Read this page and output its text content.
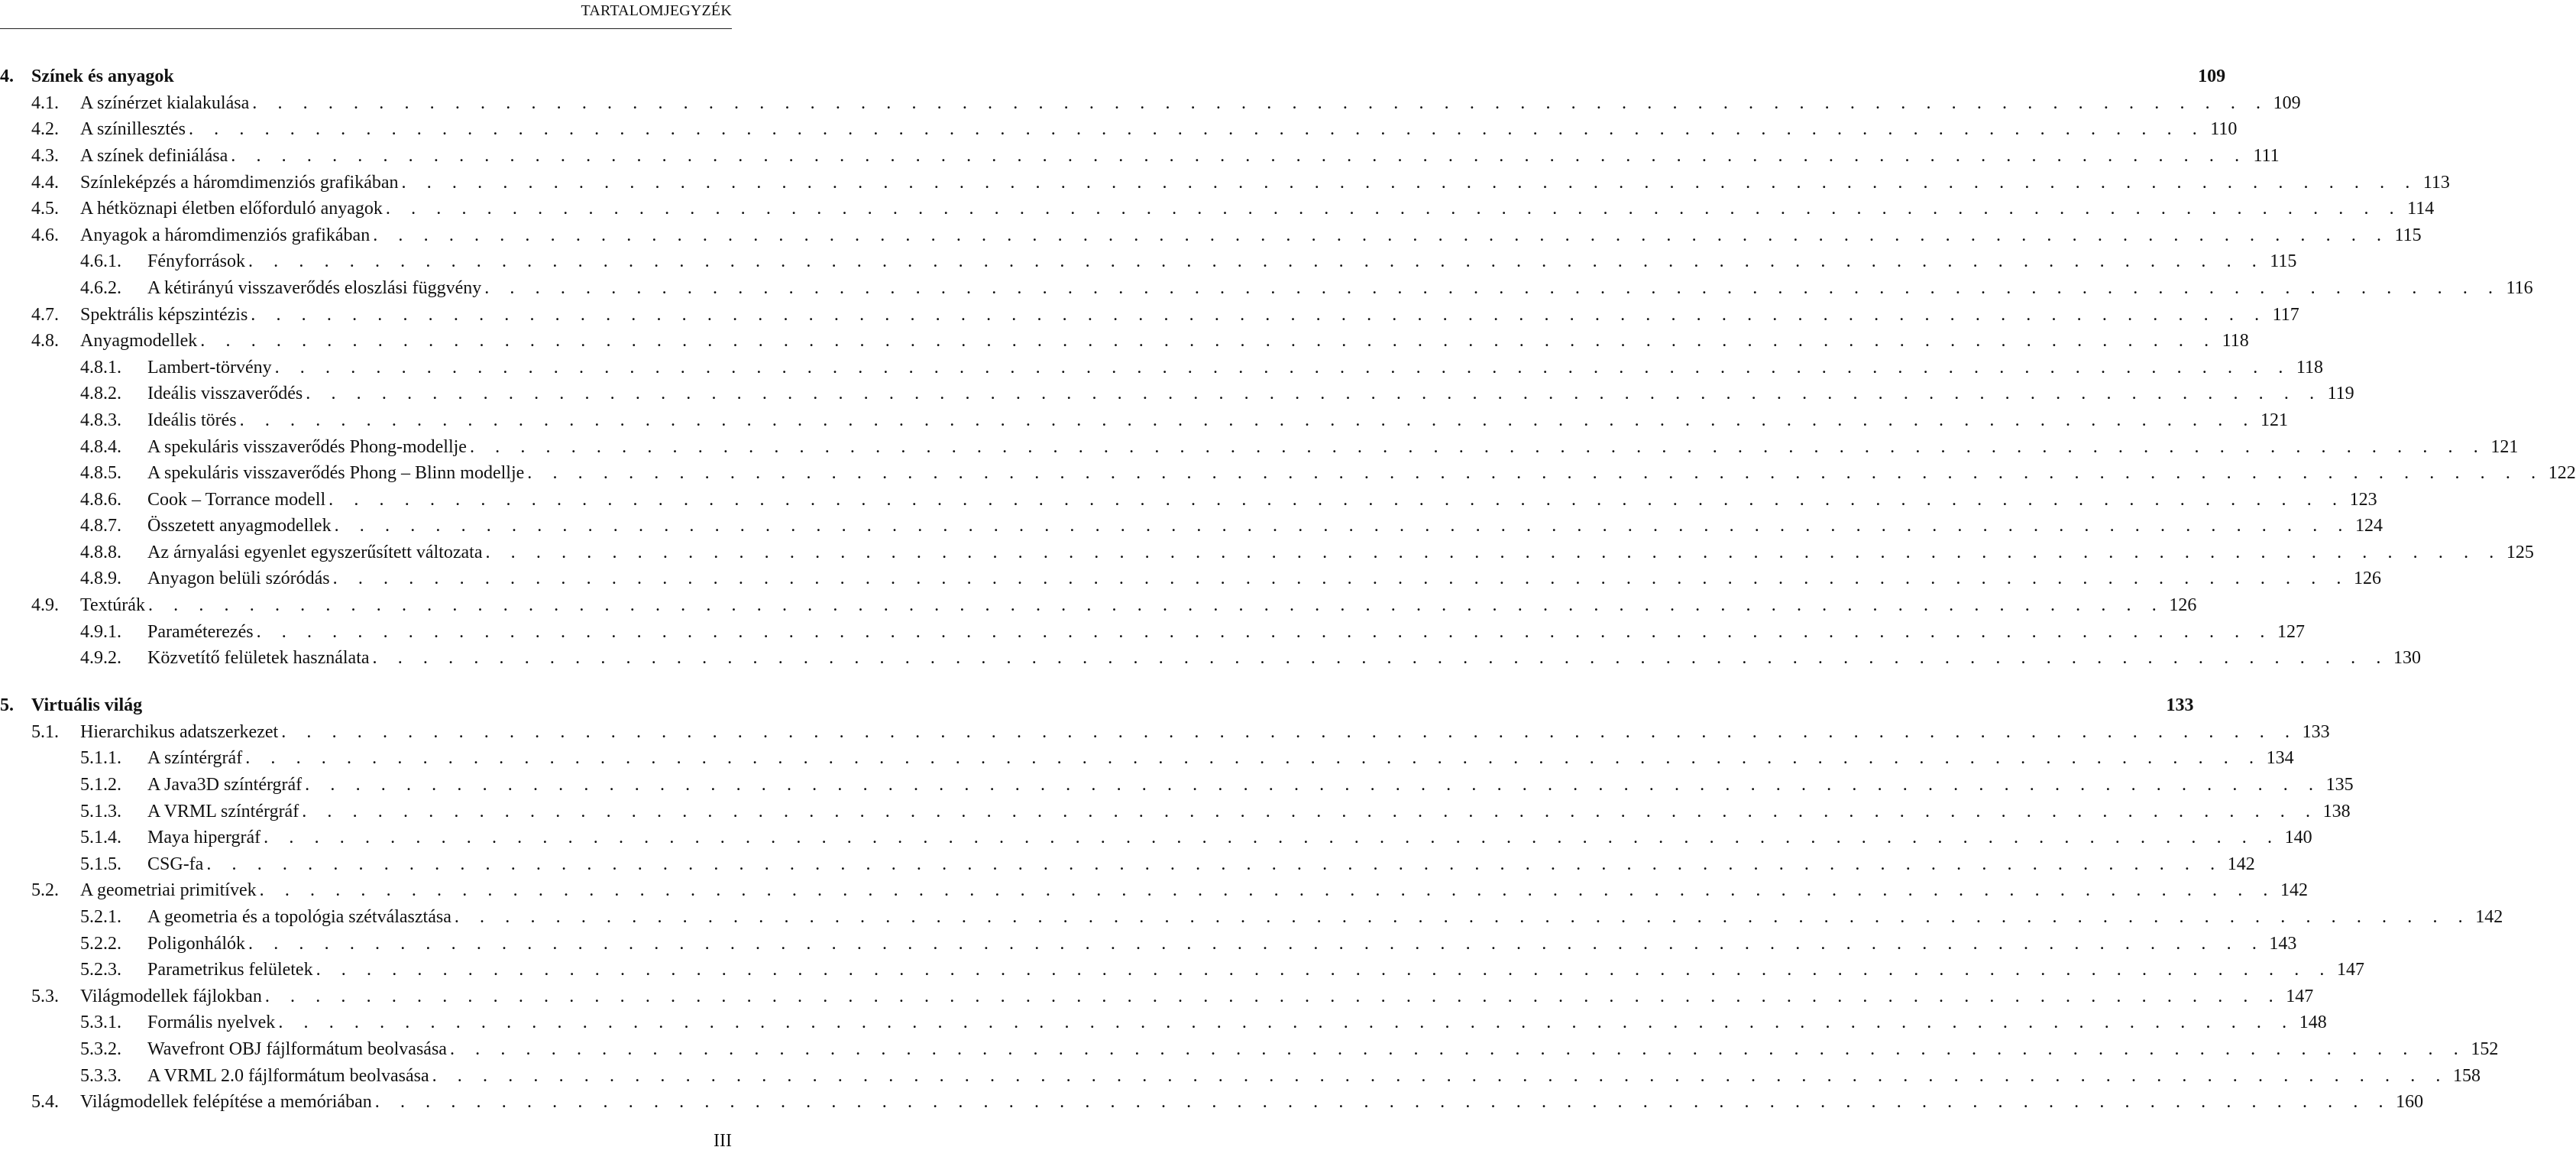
TARTALOMJEGYZÉK
4. Színek és anyagok	109
4.1.	A színérzet kialakulása . . . . . . . . . . . . . . . . . . . . . . . . . . . . . . . . . . . . . . . . . . . . . . . . . . . . . . . . . . . . . . . . . . . . . . . . . . . . . . . . 109
4.2.	A színillesztés . . . . . . . . . . . . . . . . . . . . . . . . . . . . . . . . . . . . . . . . . . . . . . . . . . . . . . . . . . . . . . . . . . . . . . . . . . . . . . . . 110
4.3.	A színek definiálása . . . . . . . . . . . . . . . . . . . . . . . . . . . . . . . . . . . . . . . . . . . . . . . . . . . . . . . . . . . . . . . . . . . . . . . . . . . . . . . . 111
4.4.	Színleképzés a háromdimenziós grafikában . . . . . . . . . . . . . . . . . . . . . . . . . . . . . . . . . . . . . . . . . . . . . . . . . . . . . . . . . . . . . . . . . . . . . . . . . . . . . . . . 113
4.5.	A hétköznapi életben előforduló anyagok . . . . . . . . . . . . . . . . . . . . . . . . . . . . . . . . . . . . . . . . . . . . . . . . . . . . . . . . . . . . . . . . . . . . . . . . . . . . . . . . 114
4.6.	Anyagok a háromdimenziós grafikában . . . . . . . . . . . . . . . . . . . . . . . . . . . . . . . . . . . . . . . . . . . . . . . . . . . . . . . . . . . . . . . . . . . . . . . . . . . . . . . . 115
4.6.1.	Fényforrások . . . . . . . . . . . . . . . . . . . . . . . . . . . . . . . . . . . . . . . . . . . . . . . . . . . . . . . . . . . . . . . . . . . . . . . . . . . . . . . . 115
4.6.2.	A kétirányú visszaverődés eloszlási függvény . . . . . . . . . . . . . . . . . . . . . . . . . . . . . . . . . . . . . . . . . . . . . . . . . . . . . . . . . . . . . . . . . . . . . . . . . . . . . . . . 116
4.7.	Spektrális képszintézis . . . . . . . . . . . . . . . . . . . . . . . . . . . . . . . . . . . . . . . . . . . . . . . . . . . . . . . . . . . . . . . . . . . . . . . . . . . . . . . . 117
4.8.	Anyagmodellek . . . . . . . . . . . . . . . . . . . . . . . . . . . . . . . . . . . . . . . . . . . . . . . . . . . . . . . . . . . . . . . . . . . . . . . . . . . . . . . . 118
4.8.1.	Lambert-törvény . . . . . . . . . . . . . . . . . . . . . . . . . . . . . . . . . . . . . . . . . . . . . . . . . . . . . . . . . . . . . . . . . . . . . . . . . . . . . . . . 118
4.8.2.	Ideális visszaverődés . . . . . . . . . . . . . . . . . . . . . . . . . . . . . . . . . . . . . . . . . . . . . . . . . . . . . . . . . . . . . . . . . . . . . . . . . . . . . . . . 119
4.8.3.	Ideális törés . . . . . . . . . . . . . . . . . . . . . . . . . . . . . . . . . . . . . . . . . . . . . . . . . . . . . . . . . . . . . . . . . . . . . . . . . . . . . . . . 121
4.8.4.	A spekuláris visszaverődés Phong-modellje . . . . . . . . . . . . . . . . . . . . . . . . . . . . . . . . . . . . . . . . . . . . . . . . . . . . . . . . . . . . . . . . . . . . . . . . . . . . . . . . 121
4.8.5.	A spekuláris visszaverődés Phong – Blinn modellje . . . . . . . . . . . . . . . . . . . . . . . . . . . . . . . . . . . . . . . . . . . . . . . . . . . . . . . . . . . . . . . . . . . . . . . . . . . . . . . . 122
4.8.6.	Cook – Torrance modell . . . . . . . . . . . . . . . . . . . . . . . . . . . . . . . . . . . . . . . . . . . . . . . . . . . . . . . . . . . . . . . . . . . . . . . . . . . . . . . . 123
4.8.7.	Összetett anyagmodellek . . . . . . . . . . . . . . . . . . . . . . . . . . . . . . . . . . . . . . . . . . . . . . . . . . . . . . . . . . . . . . . . . . . . . . . . . . . . . . . . 124
4.8.8.	Az árnyalási egyenlet egyszerűsített változata . . . . . . . . . . . . . . . . . . . . . . . . . . . . . . . . . . . . . . . . . . . . . . . . . . . . . . . . . . . . . . . . . . . . . . . . . . . . . . . . 125
4.8.9.	Anyagon belüli szóródás . . . . . . . . . . . . . . . . . . . . . . . . . . . . . . . . . . . . . . . . . . . . . . . . . . . . . . . . . . . . . . . . . . . . . . . . . . . . . . . . 126
4.9.	Textúrák . . . . . . . . . . . . . . . . . . . . . . . . . . . . . . . . . . . . . . . . . . . . . . . . . . . . . . . . . . . . . . . . . . . . . . . . . . . . . . . . 126
4.9.1.	Paraméterezés . . . . . . . . . . . . . . . . . . . . . . . . . . . . . . . . . . . . . . . . . . . . . . . . . . . . . . . . . . . . . . . . . . . . . . . . . . . . . . . . 127
4.9.2.	Közvetítő felületek használata . . . . . . . . . . . . . . . . . . . . . . . . . . . . . . . . . . . . . . . . . . . . . . . . . . . . . . . . . . . . . . . . . . . . . . . . . . . . . . . . 130
5. Virtuális világ	133
5.1.	Hierarchikus adatszerkezet . . . . . . . . . . . . . . . . . . . . . . . . . . . . . . . . . . . . . . . . . . . . . . . . . . . . . . . . . . . . . . . . . . . . . . . . . . . . . . . . 133
5.1.1.	A színtérgráf . . . . . . . . . . . . . . . . . . . . . . . . . . . . . . . . . . . . . . . . . . . . . . . . . . . . . . . . . . . . . . . . . . . . . . . . . . . . . . . . 134
5.1.2.	A Java3D színtérgráf . . . . . . . . . . . . . . . . . . . . . . . . . . . . . . . . . . . . . . . . . . . . . . . . . . . . . . . . . . . . . . . . . . . . . . . . . . . . . . . . 135
5.1.3.	A VRML színtérgráf . . . . . . . . . . . . . . . . . . . . . . . . . . . . . . . . . . . . . . . . . . . . . . . . . . . . . . . . . . . . . . . . . . . . . . . . . . . . . . . . 138
5.1.4.	Maya hipergráf . . . . . . . . . . . . . . . . . . . . . . . . . . . . . . . . . . . . . . . . . . . . . . . . . . . . . . . . . . . . . . . . . . . . . . . . . . . . . . . . 140
5.1.5.	CSG-fa . . . . . . . . . . . . . . . . . . . . . . . . . . . . . . . . . . . . . . . . . . . . . . . . . . . . . . . . . . . . . . . . . . . . . . . . . . . . . . . . 142
5.2.	A geometriai primitívek . . . . . . . . . . . . . . . . . . . . . . . . . . . . . . . . . . . . . . . . . . . . . . . . . . . . . . . . . . . . . . . . . . . . . . . . . . . . . . . . 142
5.2.1.	A geometria és a topológia szétválasztása . . . . . . . . . . . . . . . . . . . . . . . . . . . . . . . . . . . . . . . . . . . . . . . . . . . . . . . . . . . . . . . . . . . . . . . . . . . . . . . . 142
5.2.2.	Poligonhálók . . . . . . . . . . . . . . . . . . . . . . . . . . . . . . . . . . . . . . . . . . . . . . . . . . . . . . . . . . . . . . . . . . . . . . . . . . . . . . . . 143
5.2.3.	Parametrikus felületek . . . . . . . . . . . . . . . . . . . . . . . . . . . . . . . . . . . . . . . . . . . . . . . . . . . . . . . . . . . . . . . . . . . . . . . . . . . . . . . . 147
5.3.	Világmodellek fájlokban . . . . . . . . . . . . . . . . . . . . . . . . . . . . . . . . . . . . . . . . . . . . . . . . . . . . . . . . . . . . . . . . . . . . . . . . . . . . . . . . 147
5.3.1.	Formális nyelvek . . . . . . . . . . . . . . . . . . . . . . . . . . . . . . . . . . . . . . . . . . . . . . . . . . . . . . . . . . . . . . . . . . . . . . . . . . . . . . . . 148
5.3.2.	Wavefront OBJ fájlformátum beolvasása . . . . . . . . . . . . . . . . . . . . . . . . . . . . . . . . . . . . . . . . . . . . . . . . . . . . . . . . . . . . . . . . . . . . . . . . . . . . . . . . 152
5.3.3.	A VRML 2.0 fájlformátum beolvasása . . . . . . . . . . . . . . . . . . . . . . . . . . . . . . . . . . . . . . . . . . . . . . . . . . . . . . . . . . . . . . . . . . . . . . . . . . . . . . . . 158
5.4.	Világmodellek felépítése a memóriában . . . . . . . . . . . . . . . . . . . . . . . . . . . . . . . . . . . . . . . . . . . . . . . . . . . . . . . . . . . . . . . . . . . . . . . . . . . . . . . . 160
III
